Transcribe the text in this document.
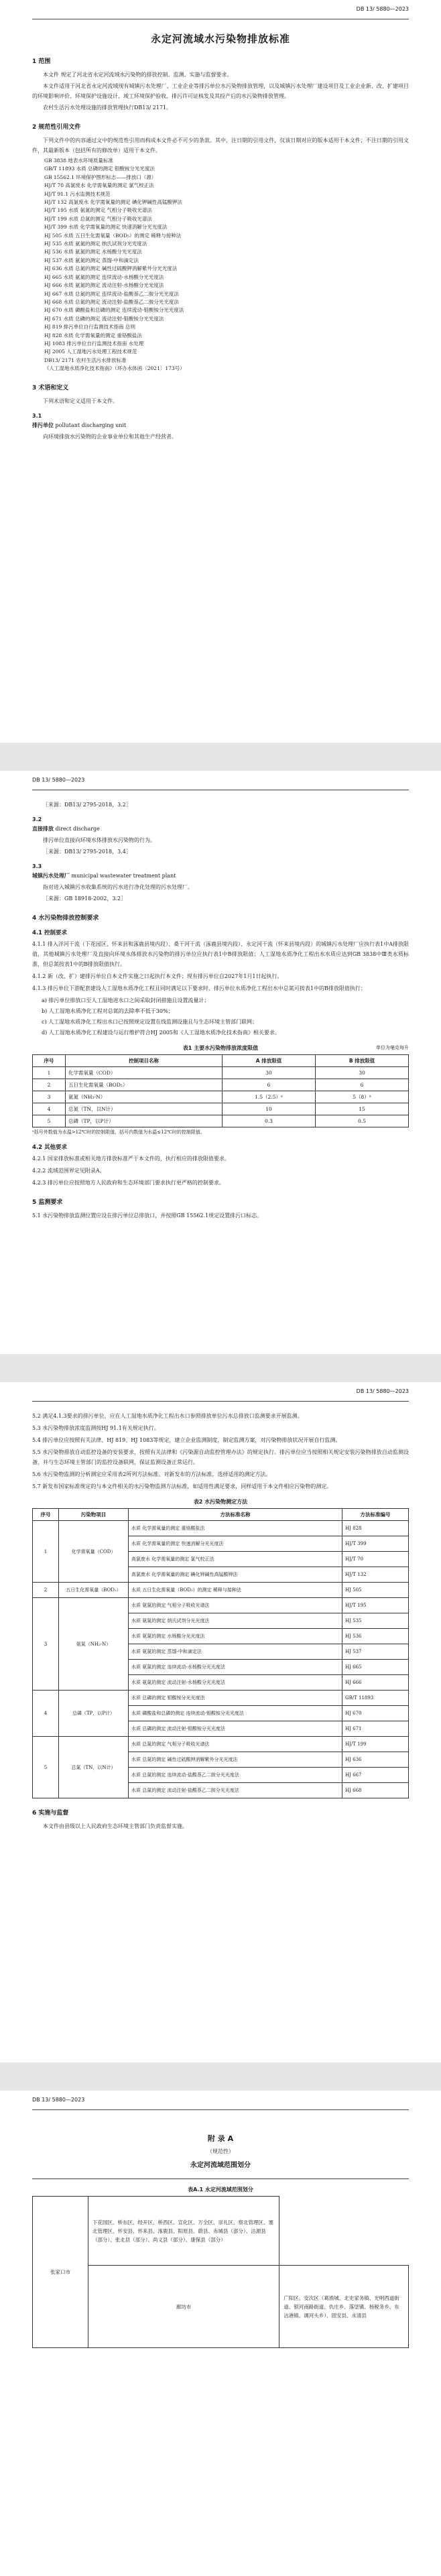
DB 13/ 5880—2023
永定河流域水污染物排放标准
1 范围

本文件 规定了河北省永定河流域水污染物的排放控制、监测、实施与监督要求。

本文件适用于河北省永定河流域现有城镇污水处理厂、工业企业等排污单位水污染物排放管理，以及城镇污水处理厂建设项目及工业企业新、改、扩建项目的环境影响评价、环境保护设施设计、竣工环境保护验收、排污许可证核发及其投产后的水污染物排放管理。

农村生活污水处理设施的排放管理执行DB13/ 2171。

2 规范性引用文件

下列文件中的内容通过文中的规范性引用而构成本文件必不可少的条款。其中，注日期的引用文件，仅该日期对应的版本适用于本文件；不注日期的引用文件，其最新版本（包括所有的修改单）适用于本文件。

GB 3838 地表水环境质量标准
GB/T 11893 水质 总磷的测定 钼酸铵分光光度法
GB 15562.1 环境保护图形标志——排放口（源）
HJ/T 70 高氯废水 化学需氧量的测定 氯气校正法
HJ/T 91.1 污水监测技术规范
HJ/T 132 高氯废水 化学需氧量的测定 碘化钾碱性高锰酸钾法
HJ/T 195 水质 氨氮的测定 气相分子吸收光谱法
HJ/T 199 水质 总氮的测定 气相分子吸收光谱法
HJ/T 399 水质 化学需氧量的测定 快速消解分光光度法
HJ 505 水质 五日生化需氧量（BOD₅）的测定 稀释与接种法
HJ 535 水质 氨氮的测定 纳氏试剂分光光度法
HJ 536 水质 氨氮的测定 水杨酸分光光度法
HJ 537 水质 氨氮的测定 蒸馏-中和滴定法
HJ 636 水质 总氮的测定 碱性过硫酸钾消解紫外分光光度法
HJ 665 水质 氨氮的测定 连续流动-水杨酸分光光度法
HJ 666 水质 氨氮的测定 流动注射-水杨酸分光光度法
HJ 667 水质 总氮的测定 连续流动-盐酸萘乙二胺分光光度法
HJ 668 水质 总氮的测定 流动注射-盐酸萘乙二胺分光光度法
HJ 670 水质 磷酸盐和总磷的测定 连续流动-钼酸铵分光光度法
HJ 671 水质 总磷的测定 流动注射-钼酸铵分光光度法
HJ 819 排污单位自行监测技术指南 总则
HJ 828 水质 化学需氧量的测定 重铬酸盐法
HJ 1083 排污单位自行监测技术指南 水处理
HJ 2005 人工湿地污水处理工程技术规范
DB13/ 2171 农村生活污水排放标准
《人工湿地水质净化技术指南》（环办水体函〔2021〕173号）
3 术语和定义

下列术语和定义适用于本文件。

3.1
排污单位 pollutant discharging unit

向环境排放水污染物的企业事业单位和其他生产经营者。

DB 13/ 5880—2023

［来源：DB13/ 2795-2018，3.2］

3.2
直接排放 direct discharge

排污单位直接向环境水体排放水污染物的行为。

［来源：DB13/ 2795-2018，3.4］

3.3
城镇污水处理厂 municipal wastewater treatment plant

指对进入城镇污水收集系统的污水进行净化处理的污水处理厂。

［来源：GB 18918-2002，3.2］

4 水污染物排放控制要求
4.1 控制要求

4.1.1 排入洋河干流（下花园区、怀来县和涿鹿县境内段）、桑干河干流（涿鹿县境内段）、永定河干流（怀来县境内段）的城镇污水处理厂应执行表1中A排放限值，其他城镇污水处理厂及直接向环境水体排放水污染物的排污单位应执行表1中B排放限值；人工湿地水质净化工程出水水质应达到GB 3838中Ⅲ类水质标准，但总氮按表1中的B排放限值执行。

4.1.2 新（改、扩）建排污单位自本文件实施之日起执行本文件；现有排污单位自2027年1月1日起执行。

4.1.3 排污单位下游配套建设人工湿地水质净化工程且同时满足以下要求时，排污单位水质净化工程出水中总氮可按表1中的B排放限值执行：

a) 排污单位排放口至人工湿地进水口之间采取封闭措施且设置流量计；
b) 人工湿地水质净化工程对总氮的去除率不低于30%；
c) 人工湿地水质净化工程出水口已按照规定设置在线监测设施且与生态环境主管部门联网；
d) 人工湿地水质净化工程建设与运行维护符合HJ 2005和《人工湿地水质净化技术指南》相关要求。
表1 主要水污染物排放浓度限值	单位为毫克每升
序号	控制项目名称	A 排放限值	B 排放限值
1	化学需氧量（COD）	30	30
2	五日生化需氧量（BOD₅）	6	6
3	氨氮（NH₃-N）	1.5（2.5）ᵃ	5（8）ᵃ
4	总氮（TN，以N计）	10	15
5	总磷（TP，以P计）	0.3	0.5
ᵃ括号外数值为水温>12℃时的控制限值，括号内数值为水温≤12℃时的控制限值。
4.2 其他要求

4.2.1 国家排放标准或相关地方排放标准严于本文件的，执行相应的排放限值要求。

4.2.2 流域范围界定见附录A。

4.2.3 排污单位应按照地方人民政府和生态环境部门要求执行更严格的控制要求。

5 监测要求

5.1 水污染物排放监测位置应设在排污单位总排放口，并按照GB 15562.1规定设置排污口标志。

DB 13/ 5880—2023

5.2 满足4.1.3要求的排污单位，应在人工湿地水质净化工程出水口参照排放单位污水总排放口监测要求开展监测。

5.3 水污染物排放浓度监测按HJ 91.1有关规定执行。

5.4 排污单位应按照有关法律、HJ 819、HJ 1083等规定，建立企业监测制度，制定监测方案，对污染物排放状况开展自行监测。

5.5 水污染物排放自动监控设备的安装要求，按照有关法律和《污染源自动监控管理办法》的规定执行。排污单位应当按照相关规定安装污染物排放自动监测设备，并与生态环境主管部门的监控设备联网，保证监测设备正常运行。

5.6 水污染物监测的分析测定应采用表2所列方法标准。对新发布的方法标准，选择适用的测定方法。

5.7 新发布国家标准规定的与本文件相关的水污染物监测方法标准，如适用性满足要求，同样适用于本文件相应污染物的测定。

表2 水污染物测定方法
序号	污染物项目	方法标准名称	方法标准编号
1	化学需氧量（COD）	水质 化学需氧量的测定 重铬酸盐法	HJ 828
		水质 化学需氧量的测定 快速消解分光光度法	HJ/T 399
		高氯废水 化学需氧量的测定 氯气校正法	HJ/T 70
		高氯废水 化学需氧量的测定 碘化钾碱性高锰酸钾法	HJ/T 132
2	五日生化需氧量（BOD₅）	水质 五日生化需氧量（BOD₅）的测定 稀释与接种法	HJ 505
3	氨氮（NH₃-N）	水质 氨氮的测定 气相分子吸收光谱法	HJ/T 195
		水质 氨氮的测定 纳氏试剂分光光度法	HJ 535
		水质 氨氮的测定 水杨酸分光光度法	HJ 536
		水质 氨氮的测定 蒸馏-中和滴定法	HJ 537
		水质 氨氮的测定 连续流动-水杨酸分光光度法	HJ 665
		水质 氨氮的测定 流动注射-水杨酸分光光度法	HJ 666
4	总磷（TP，以P计）	水质 总磷的测定 钼酸铵分光光度法	GB/T 11893
		水质 磷酸盐和总磷的测定 连续流动-钼酸铵分光光度法	HJ 670
		水质 总磷的测定 流动注射-钼酸铵分光光度法	HJ 671
5	总氮（TN，以N计）	水质 总氮的测定 气相分子吸收光谱法	HJ/T 199
		水质 总氮的测定 碱性过硫酸钾消解紫外分光光度法	HJ 636
		水质 总氮的测定 连续流动-盐酸萘乙二胺分光光度法	HJ 667
		水质 总氮的测定 流动注射-盐酸萘乙二胺分光光度法	HJ 668
6 实施与监督

本文件由县级以上人民政府生态环境主管部门负责监督实施。

DB 13/ 5880—2023
附 录 A
（规范性）
永定河流域范围划分
表A.1 永定河流域范围划分
张家口市	下花园区、桥东区、经开区、桥西区、宣化区、万全区、崇礼区、察北管理区、塞北管理区、怀安县、怀来县、涿鹿县、阳原县、蔚县、赤城县（部分）、沽源县（部分）、张北县（部分）、尚义县（部分）、康保县（部分）	
	廊坊市	广阳区、安次区（葛渔城、北史家务镇、光明西道街道、银河南路街道、仇庄乡、落垡镇、杨税务乡、东沽港镇、调河头乡）、固安县、永清县
